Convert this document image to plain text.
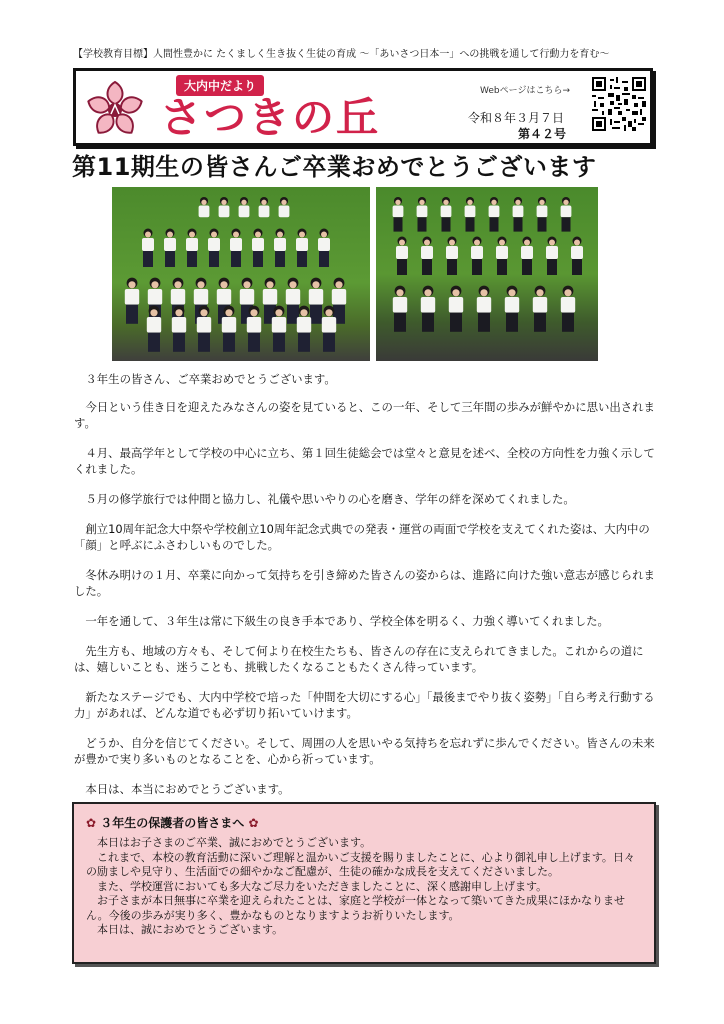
【学校教育目標】人間性豊かに たくましく生き抜く生徒の育成 〜「あいさつ日本一」への挑戦を通して行動力を育む〜
大内中だより
さつきの丘
Webページはこちら→
令和８年３月７日
第４２号
第11期生の皆さんご卒業おめでとうございます

３年生の皆さん、ご卒業おめでとうございます。

今日という佳き日を迎えたみなさんの姿を見ていると、この一年、そして三年間の歩みが鮮やかに思い出されます。

４月、最高学年として学校の中心に立ち、第１回生徒総会では堂々と意見を述べ、全校の方向性を力強く示してくれました。

５月の修学旅行では仲間と協力し、礼儀や思いやりの心を磨き、学年の絆を深めてくれました。

創立10周年記念大中祭や学校創立10周年記念式典での発表・運営の両面で学校を支えてくれた姿は、大内中の「顔」と呼ぶにふさわしいものでした。

冬休み明けの１月、卒業に向かって気持ちを引き締めた皆さんの姿からは、進路に向けた強い意志が感じられました。

一年を通して、３年生は常に下級生の良き手本であり、学校全体を明るく、力強く導いてくれました。

先生方も、地域の方々も、そして何より在校生たちも、皆さんの存在に支えられてきました。これからの道には、嬉しいことも、迷うことも、挑戦したくなることもたくさん待っています。

新たなステージでも、大内中学校で培った「仲間を大切にする心」「最後までやり抜く姿勢」「自ら考え行動する力」があれば、どんな道でも必ず切り拓いていけます。

どうか、自分を信じてください。そして、周囲の人を思いやる気持ちを忘れずに歩んでください。皆さんの未来が豊かで実り多いものとなることを、心から祈っています。

本日は、本当におめでとうございます。

✿ ３年生の保護者の皆さまへ ✿

本日はお子さまのご卒業、誠におめでとうございます。

これまで、本校の教育活動に深いご理解と温かいご支援を賜りましたことに、心より御礼申し上げます。日々の励ましや見守り、生活面での細やかなご配慮が、生徒の確かな成長を支えてくださいました。

また、学校運営においても多大なご尽力をいただきましたことに、深く感謝申し上げます。

お子さまが本日無事に卒業を迎えられたことは、家庭と学校が一体となって築いてきた成果にほかなりません。今後の歩みが実り多く、豊かなものとなりますようお祈りいたします。

本日は、誠におめでとうございます。
